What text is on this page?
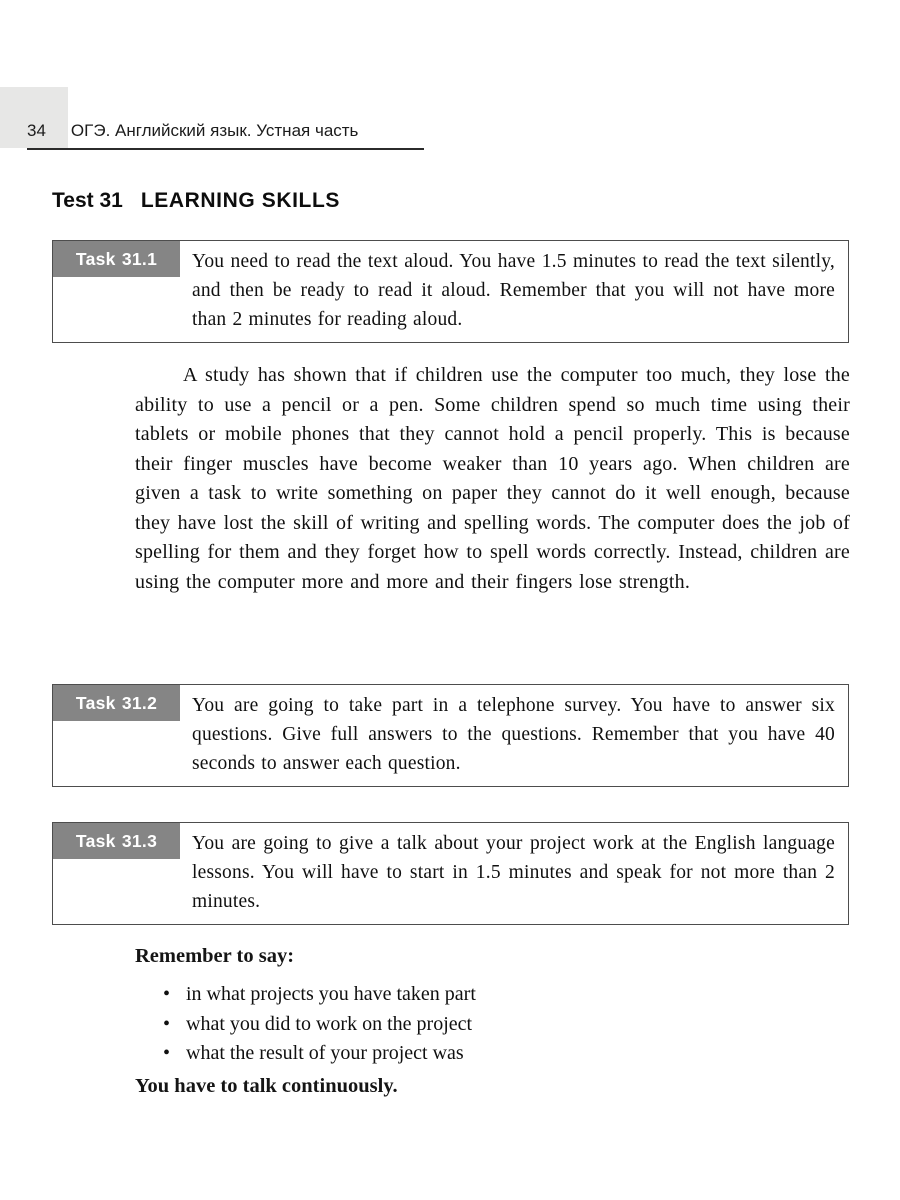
34 ОГЭ. Английский язык. Устная часть
Test 31 LEARNING SKILLS
Task 31.1	You need to read the text aloud. You have 1.5 minutes to read the text silently, and then be ready to read it aloud. Remember that you will not have more than 2 minutes for reading aloud.

A study has shown that if children use the computer too much, they lose the ability to use a pencil or a pen. Some children spend so much time using their tablets or mobile phones that they cannot hold a pencil properly. This is because their finger muscles have become weaker than 10 years ago. When children are given a task to write something on paper they cannot do it well enough, because they have lost the skill of writing and spelling words. The computer does the job of spelling for them and they forget how to spell words correctly. Instead, children are using the computer more and more and their fingers lose strength.

Task 31.2	You are going to take part in a telephone survey. You have to answer six questions. Give full answers to the questions. Remember that you have 40 seconds to answer each question.
Task 31.3	You are going to give a talk about your project work at the English language lessons. You will have to start in 1.5 minutes and speak for not more than 2 minutes.

Remember to say:

• in what projects you have taken part
• what you did to work on the project
• what the result of your project was

You have to talk continuously.
